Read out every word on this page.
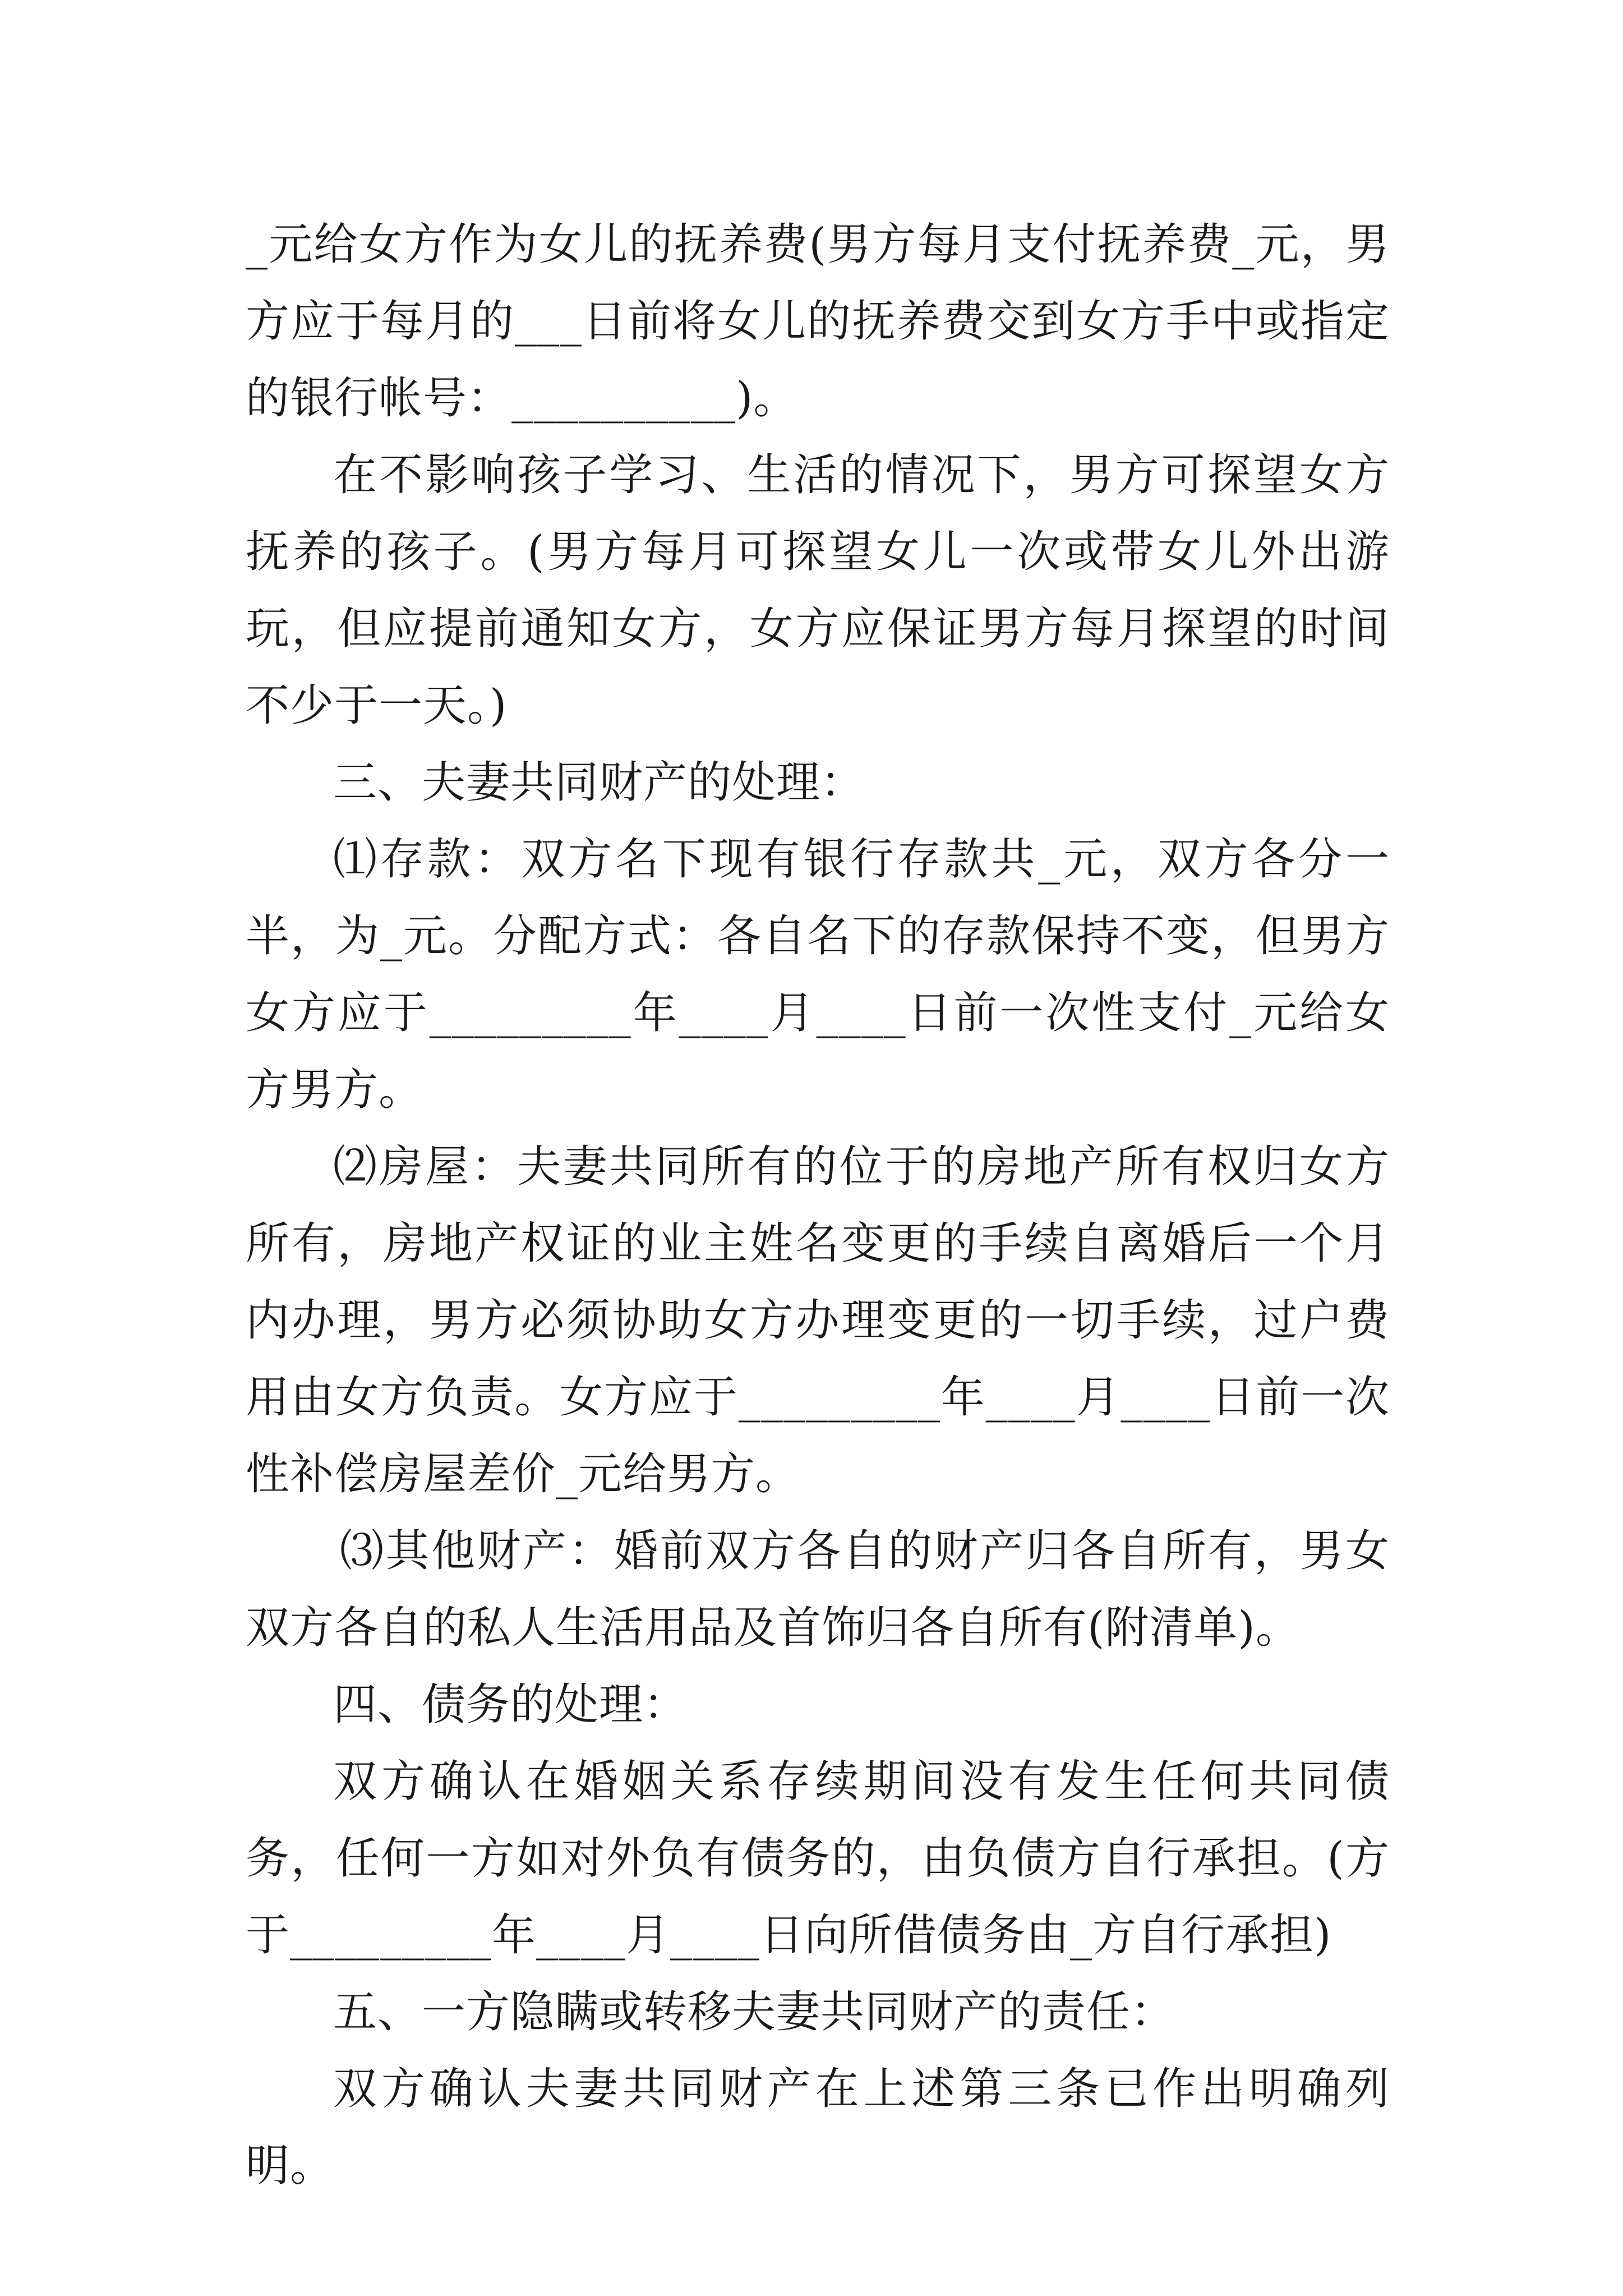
_元给女方作为女儿的抚养费(男方每月支付抚养费_元，男方应于每月的___日前将女儿的抚养费交到女方手中或指定的银行帐号：__________)。

在不影响孩子学习、生活的情况下，男方可探望女方抚养的孩子。(男方每月可探望女儿一次或带女儿外出游玩，但应提前通知女方，女方应保证男方每月探望的时间不少于一天。)

三、夫妻共同财产的处理：

⑴存款：双方名下现有银行存款共_元，双方各分一半，为_元。分配方式：各自名下的存款保持不变，但男方女方应于_________年____月____日前一次性支付_元给女方男方。

⑵房屋：夫妻共同所有的位于的房地产所有权归女方所有，房地产权证的业主姓名变更的手续自离婚后一个月内办理，男方必须协助女方办理变更的一切手续，过户费用由女方负责。女方应于_________年____月____日前一次性补偿房屋差价_元给男方。

⑶其他财产：婚前双方各自的财产归各自所有，男女双方各自的私人生活用品及首饰归各自所有(附清单)。

四、债务的处理：

双方确认在婚姻关系存续期间没有发生任何共同债务，任何一方如对外负有债务的，由负债方自行承担。(方于_________年____月____日向所借债务由_方自行承担)

五、一方隐瞒或转移夫妻共同财产的责任：

双方确认夫妻共同财产在上述第三条已作出明确列明。
